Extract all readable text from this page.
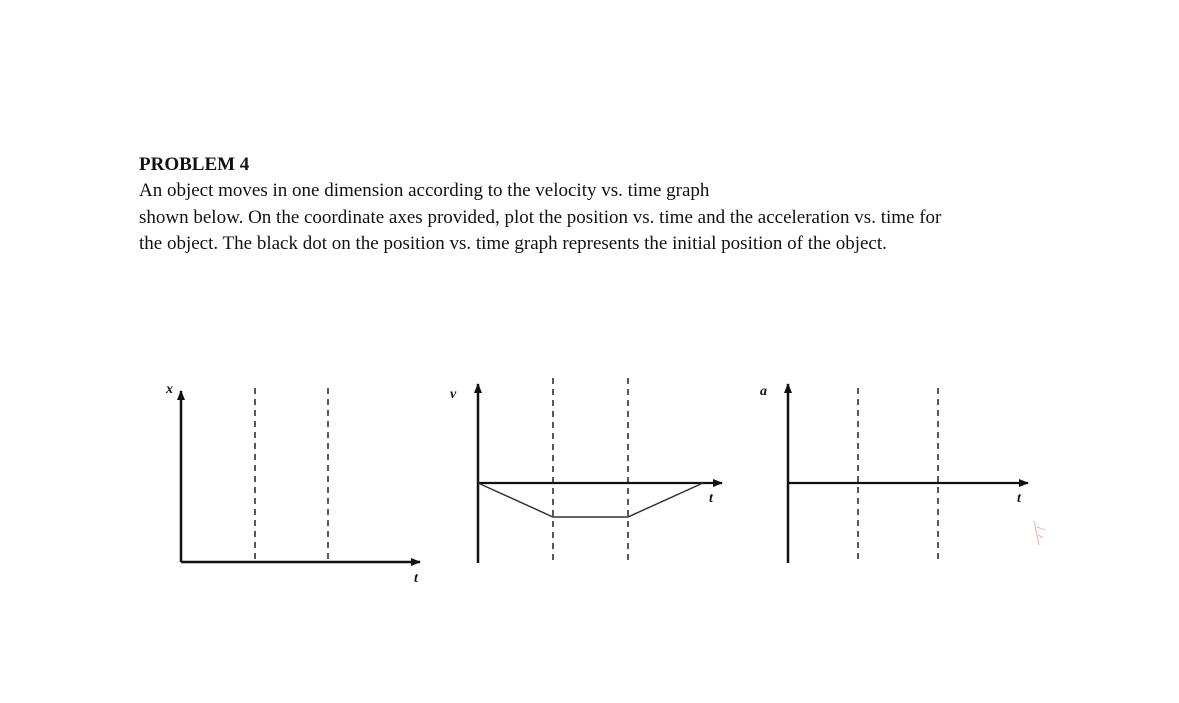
PROBLEM 4

An object moves in one dimension according to the velocity vs. time graph

shown below. On the coordinate axes provided, plot the position vs. time and the acceleration vs. time for

the object. The black dot on the position vs. time graph represents the initial position of the object.

x
t
v
t
a
t
